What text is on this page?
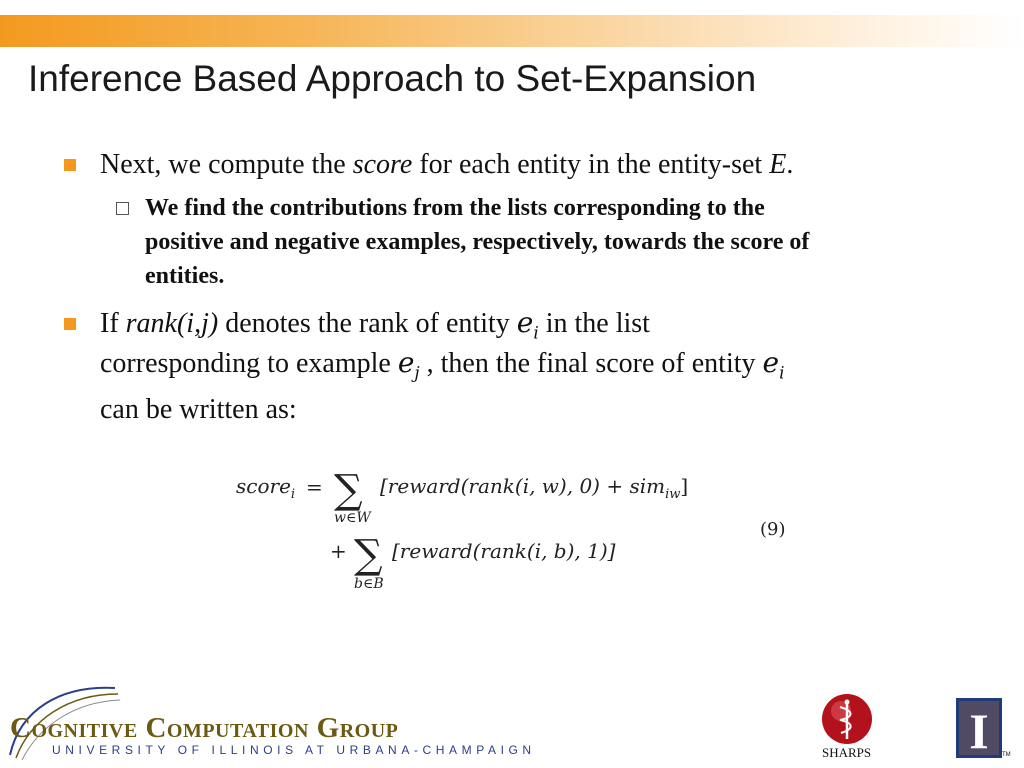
Inference Based Approach to Set-Expansion
Next, we compute the score for each entity in the entity-set E.
We find the contributions from the lists corresponding to the
positive and negative examples, respectively, towards the score of
entities.
If rank(i,j) denotes the rank of entity $e_i$ in the list
corresponding to example $e_j$ , then the final score of entity $e_i$
can be written as:
score$_i$ = ∑
w∈W
[reward(rank(i, w), 0) + sim$_{iw}$]
+ ∑
b∈B
[reward(rank(i, b), 1)]
(9)
Cognitive Computation Group
UNIVERSITY OF ILLINOIS AT URBANA-CHAMPAIGN	SHARPS I TM
